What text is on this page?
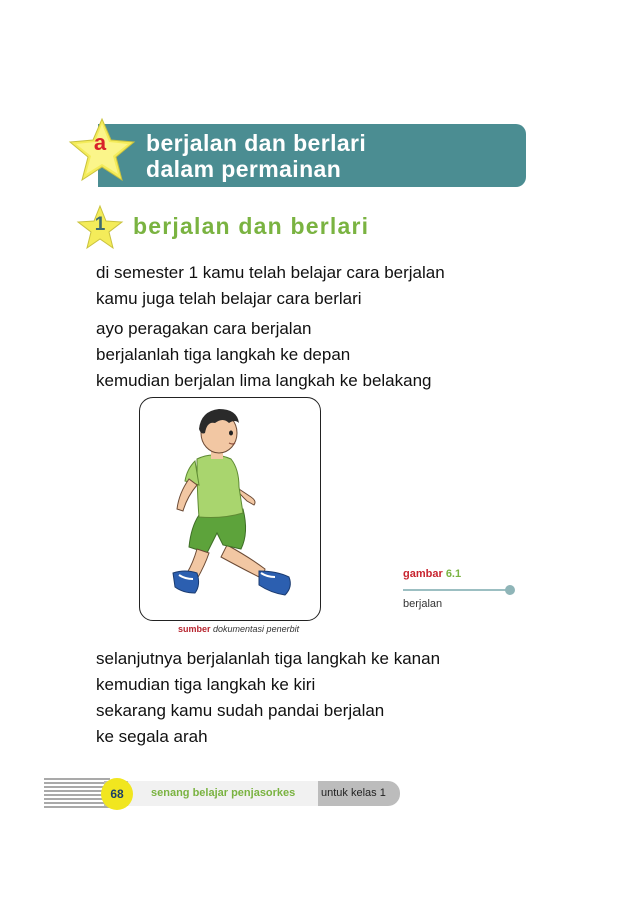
a	berjalan dan berlari
dalam permainan
1	berjalan dan berlari
di semester 1 kamu telah belajar cara berjalan
kamu juga telah belajar cara berlari
ayo peragakan cara berjalan
berjalanlah tiga langkah ke depan
kemudian berjalan lima langkah ke belakang
sumber dokumentasi penerbit
gambar 6.1
berjalan
selanjutnya berjalanlah tiga langkah ke kanan
kemudian tiga langkah ke kiri
sekarang kamu sudah pandai berjalan
ke segala arah
68	senang belajar penjasorkes untuk kelas 1
